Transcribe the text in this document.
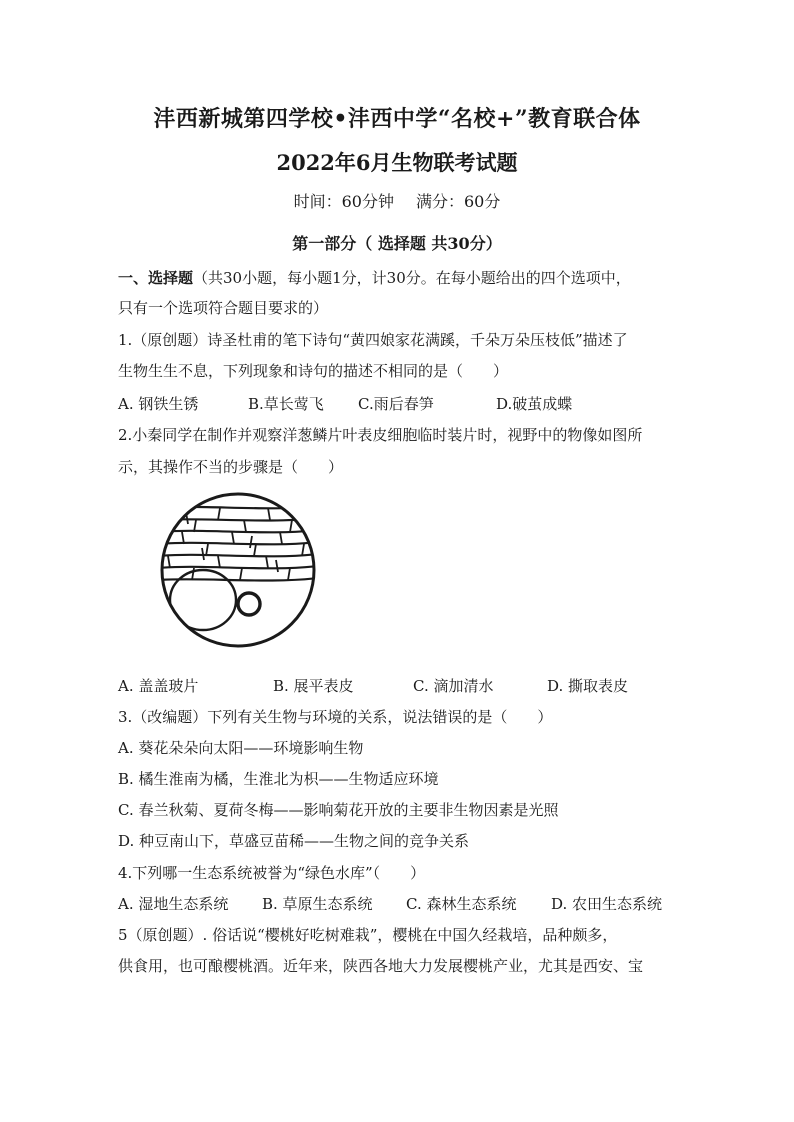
沣西新城第四学校•沣西中学“名校+”教育联合体
2022年6月生物联考试题
时间：60分钟 满分：60分
第一部分（ 选择题 共30分）
一、选择题（共30小题，每小题1分，计30分。在每小题给出的四个选项中，
只有一个选项符合题目要求的）
1.（原创题）诗圣杜甫的笔下诗句“黄四娘家花满蹊，千朵万朵压枝低”描述了
生物生生不息，下列现象和诗句的描述不相同的是（　　）
A. 钢铁生锈	B.草长莺飞 C.雨后春笋	D.破茧成蝶
2.小秦同学在制作并观察洋葱鳞片叶表皮细胞临时装片时，视野中的物像如图所
示，其操作不当的步骤是（　　）
A. 盖盖玻片	B. 展平表皮	C. 滴加清水	D. 撕取表皮
3.（改编题）下列有关生物与环境的关系，说法错误的是（　　）
A. 葵花朵朵向太阳——环境影响生物
B. 橘生淮南为橘，生淮北为枳——生物适应环境
C. 春兰秋菊、夏荷冬梅——影响菊花开放的主要非生物因素是光照
D. 种豆南山下，草盛豆苗稀——生物之间的竞争关系
4.下列哪一生态系统被誉为“绿色水库”（　　）
A. 湿地生态系统 B. 草原生态系统 C. 森林生态系统 D. 农田生态系统
5（原创题）. 俗话说“樱桃好吃树难栽”，樱桃在中国久经栽培，品种颇多，
供食用，也可酿樱桃酒。近年来，陕西各地大力发展樱桃产业，尤其是西安、宝
